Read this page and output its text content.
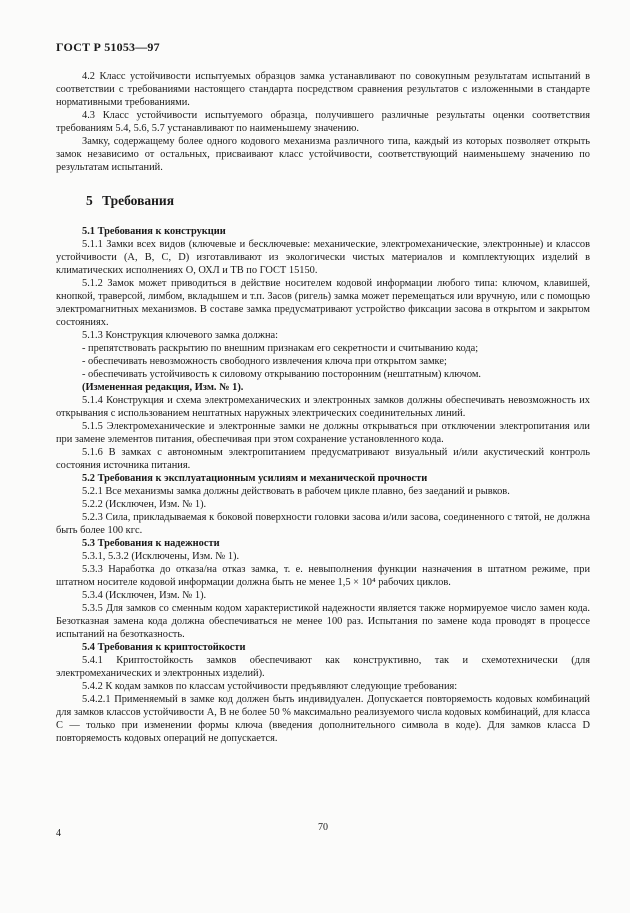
ГОСТ Р 51053—97

4.2 Класс устойчивости испытуемых образцов замка устанавливают по совокупным результатам испытаний в соответствии с требованиями настоящего стандарта посредством сравнения результатов с изложенными в стандарте нормативными требованиями.

4.3 Класс устойчивости испытуемого образца, получившего различные результаты оценки соответствия требованиям 5.4, 5.6, 5.7 устанавливают по наименьшему значению.

Замку, содержащему более одного кодового механизма различного типа, каждый из которых позволяет открыть замок независимо от остальных, присваивают класс устойчивости, соответствующий наименьшему значению по результатам испытаний.

5 Требования

5.1 Требования к конструкции

5.1.1 Замки всех видов (ключевые и бесключевые: механические, электромеханические, электронные) и классов устойчивости (А, В, С, D) изготавливают из экологически чистых материалов и комплектующих изделий в климатических исполнениях О, ОХЛ и ТВ по ГОСТ 15150.

5.1.2 Замок может приводиться в действие носителем кодовой информации любого типа: ключом, клавишей, кнопкой, траверсой, лимбом, вкладышем и т.п. Засов (ригель) замка может перемещаться или вручную, или с помощью электромагнитных механизмов. В составе замка предусматривают устройство фиксации засова в открытом и закрытом состояниях.

5.1.3 Конструкция ключевого замка должна:

- препятствовать раскрытию по внешним признакам его секретности и считыванию кода;

- обеспечивать невозможность свободного извлечения ключа при открытом замке;

- обеспечивать устойчивость к силовому открыванию посторонним (нештатным) ключом.

(Измененная редакция, Изм. № 1).

5.1.4 Конструкция и схема электромеханических и электронных замков должны обеспечивать невозможность их открывания с использованием нештатных наружных электрических соединительных линий.

5.1.5 Электромеханические и электронные замки не должны открываться при отключении электропитания или при замене элементов питания, обеспечивая при этом сохранение установленного кода.

5.1.6 В замках с автономным электропитанием предусматривают визуальный и/или акустический контроль состояния источника питания.

5.2 Требования к эксплуатационным усилиям и механической прочности

5.2.1 Все механизмы замка должны действовать в рабочем цикле плавно, без заеданий и рывков.

5.2.2 (Исключен, Изм. № 1).

5.2.3 Сила, прикладываемая к боковой поверхности головки засова и/или засова, соединенного с тятой, не должна быть более 100 кгс.

5.3 Требования к надежности

5.3.1, 5.3.2 (Исключены, Изм. № 1).

5.3.3 Наработка до отказа/на отказ замка, т. е. невыполнения функции назначения в штатном режиме, при штатном носителе кодовой информации должна быть не менее 1,5 × 10⁴ рабочих циклов.

5.3.4 (Исключен, Изм. № 1).

5.3.5 Для замков со сменным кодом характеристикой надежности является также нормируемое число замен кода. Безотказная замена кода должна обеспечиваться не менее 100 раз. Испытания по замене кода проводят в процессе испытаний на безотказность.

5.4 Требования к криптостойкости

5.4.1 Криптостойкость замков обеспечивают как конструктивно, так и схемотехнически (для электромеханических и электронных изделий).

5.4.2 К кодам замков по классам устойчивости предъявляют следующие требования:

5.4.2.1 Применяемый в замке код должен быть индивидуален. Допускается повторяемость кодовых комбинаций для замков классов устойчивости А, В не более 50 % максимально реализуемого числа кодовых комбинаций, для класса С — только при изменении формы ключа (введения дополнительного символа в коде). Для замков класса D повторяемость кодовых операций не допускается.

4
70
